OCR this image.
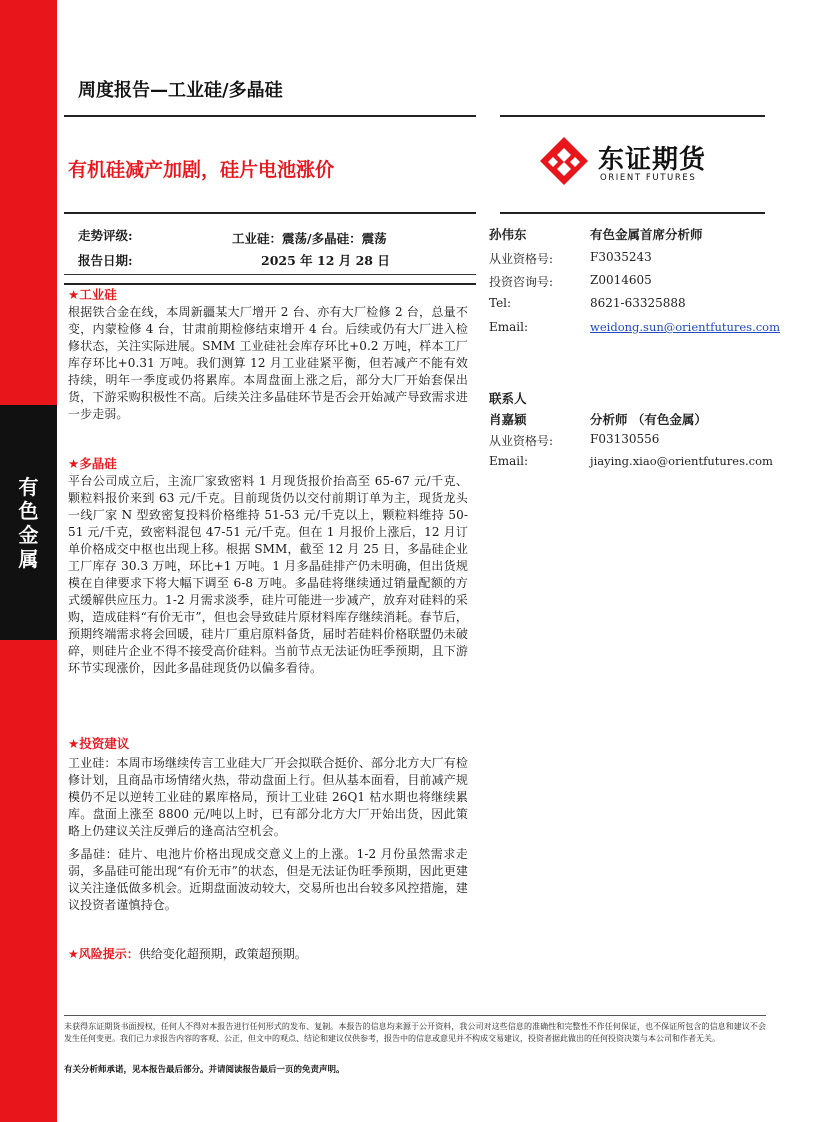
有
色
金
属
周度报告—工业硅/多晶硅
有机硅减产加剧，硅片电池涨价	东证期货
ORIENT FUTURES
走势评级:	工业硅：震荡/多晶硅：震荡
报告日期:	2025 年 12 月 28 日
★工业硅
根据铁合金在线，本周新疆某大厂增开 2 台、亦有大厂检修 2 台，总量不变，内蒙检修 4 台，甘肃前期检修结束增开 4 台。后续或仍有大厂进入检修状态，关注实际进展。SMM 工业硅社会库存环比+0.2 万吨，样本工厂库存环比+0.31 万吨。我们测算 12 月工业硅紧平衡，但若减产不能有效持续，明年一季度或仍将累库。本周盘面上涨之后，部分大厂开始套保出货，下游采购积极性不高。后续关注多晶硅环节是否会开始减产导致需求进一步走弱。
★多晶硅
平台公司成立后，主流厂家致密料 1 月现货报价抬高至 65-67 元/千克、颗粒料报价来到 63 元/千克。目前现货仍以交付前期订单为主，现货龙头一线厂家 N 型致密复投料价格维持 51-53 元/千克以上，颗粒料维持 50-51 元/千克，致密料混包 47-51 元/千克。但在 1 月报价上涨后，12 月订单价格成交中枢也出现上移。根据 SMM，截至 12 月 25 日，多晶硅企业工厂库存 30.3 万吨，环比+1 万吨。1 月多晶硅排产仍未明确，但出货规模在自律要求下将大幅下调至 6-8 万吨。多晶硅将继续通过销量配额的方式缓解供应压力。1-2 月需求淡季，硅片可能进一步减产，放弃对硅料的采购，造成硅料“有价无市”，但也会导致硅片原材料库存继续消耗。春节后，预期终端需求将会回暖，硅片厂重启原料备货，届时若硅料价格联盟仍未破碎，则硅片企业不得不接受高价硅料。当前节点无法证伪旺季预期，且下游环节实现涨价，因此多晶硅现货仍以偏多看待。
★投资建议
工业硅：本周市场继续传言工业硅大厂开会拟联合挺价、部分北方大厂有检修计划，且商品市场情绪火热，带动盘面上行。但从基本面看，目前减产规模仍不足以逆转工业硅的累库格局，预计工业硅 26Q1 枯水期也将继续累库。盘面上涨至 8800 元/吨以上时，已有部分北方大厂开始出货，因此策略上仍建议关注反弹后的逢高沽空机会。
多晶硅：硅片、电池片价格出现成交意义上的上涨。1-2 月份虽然需求走弱，多晶硅可能出现“有价无市”的状态，但是无法证伪旺季预期，因此更建议关注逢低做多机会。近期盘面波动较大，交易所也出台较多风控措施，建议投资者谨慎持仓。
★风险提示：供给变化超预期，政策超预期。
孙伟东	有色金属首席分析师
从业资格号:	F3035243
投资咨询号:	Z0014605
Tel:	8621-63325888
Email:	weidong.sun@orientfutures.com
联系人
肖嘉颖	分析师 （有色金属）
从业资格号:	F03130556
Email:	jiaying.xiao@orientfutures.com
未获得东证期货书面授权，任何人不得对本报告进行任何形式的发布、复制。本报告的信息均来源于公开资料，我公司对这些信息的准确性和完整性不作任何保证，也不保证所包含的信息和建议不会发生任何变更。我们已力求报告内容的客观、公正，但文中的观点、结论和建议仅供参考，报告中的信息或意见并不构成交易建议，投资者据此做出的任何投资决策与本公司和作者无关。
有关分析师承诺，见本报告最后部分。并请阅读报告最后一页的免责声明。
